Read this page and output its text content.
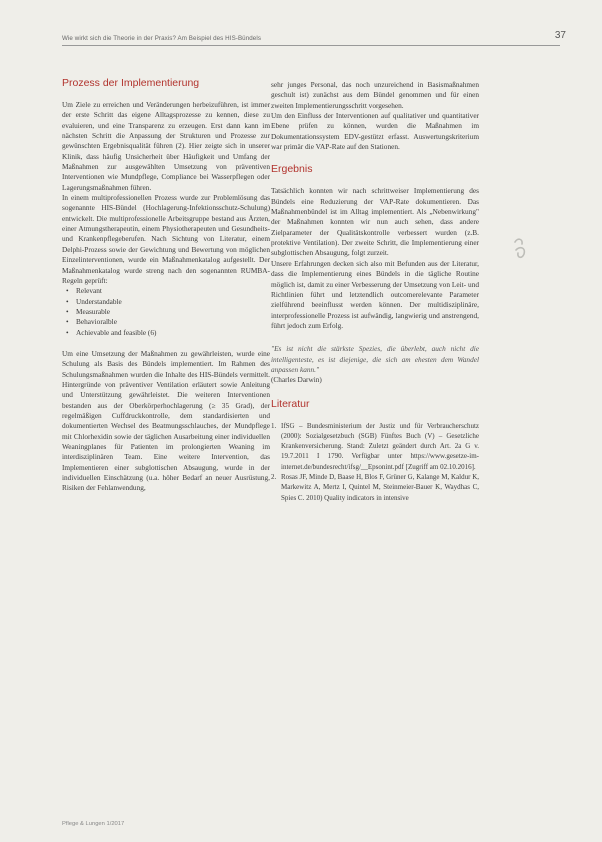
Wie wirkt sich die Theorie in der Praxis? Am Beispiel des HIS-Bündels	37
Prozess der Implementierung

Um Ziele zu erreichen und Veränderungen herbeizuführen, ist immer der erste Schritt das eigene Alltagsprozesse zu kennen, diese zu evaluieren, und eine Transparenz zu erzeugen. Erst dann kann im nächsten Schritt die Anpassung der Strukturen und Prozesse zur gewünschten Ergebnisqualität führen (2). Hier zeigte sich in unserer Klinik, dass häufig Unsicherheit über Häufigkeit und Umfang der Maßnahmen zur ausgewählten Umsetzung von präventiven Interventionen wie Mundpflege, Compliance bei Wasserpflegen oder Lagerungsmaßnahmen führen.

In einem multiprofessionellen Prozess wurde zur Problemlösung das sogenannte HIS-Bündel (Hochlagerung-Infektionsschutz-Schulung) entwickelt. Die multiprofessionelle Arbeitsgruppe bestand aus Ärzten, einer Atmungstherapeutin, einem Physiotherapeuten und Gesundheits- und Krankenpflegeberufen. Nach Sichtung von Literatur, einem Delphi-Prozess sowie der Gewichtung und Bewertung von möglichen Einzelinterventionen, wurde ein Maßnahmenkatalog aufgestellt. Der Maßnahmenkatalog wurde streng nach den sogenannten RUMBA-Regeln geprüft:

• Relevant
• Understandable
• Measurable
• Behavioralble
• Achievable and feasible (6)

Um eine Umsetzung der Maßnahmen zu gewährleisten, wurde eine Schulung als Basis des Bündels implementiert. Im Rahmen des Schulungsmaßnahmen wurden die Inhalte des HIS-Bündels vermittelt. Hintergründe von präventiver Ventilation erläutert sowie Anleitung und Unterstützung gewährleistet. Die weiteren Interventionen bestanden aus der Oberkörperhochlagerung (≥ 35 Grad), der regelmäßigen Cuffdruckkontrolle, dem standardisierten und dokumentierten Wechsel des Beatmungsschlauches, der Mundpflege mit Chlorhexidin sowie der täglichen Ausarbeitung einer individuellen Weaningplanes für Patienten im prolongierten Weaning im interdisziplinären Team. Eine weitere Intervention, das Implementieren einer subglottischen Absaugung, wurde in der individuellen Einschätzung (u.a. höher Bedarf an neuer Ausrüstung, Risiken der Fehlanwendung,

sehr junges Personal, das noch unzureichend in Basismaßnahmen geschult ist) zunächst aus dem Bündel genommen und für einen zweiten Implementierungsschritt vorgesehen.

Um den Einfluss der Interventionen auf qualitativer und quantitativer Ebene prüfen zu können, wurden die Maßnahmen im Dokumentationssystem EDV-gestützt erfasst. Auswertungskriterium war primär die VAP-Rate auf den Stationen.

Ergebnis

Tatsächlich konnten wir nach schrittweiser Implementierung des Bündels eine Reduzierung der VAP-Rate dokumentieren. Das Maßnahmenbündel ist im Alltag implementiert. Als „Nebenwirkung" der Maßnahmen konnten wir nun auch sehen, dass andere Zielparameter der Qualitätskontrolle verbessert wurden (z.B. protektive Ventilation). Der zweite Schritt, die Implementierung einer subglottischen Absaugung, folgt zurzeit.

Unsere Erfahrungen decken sich also mit Befunden aus der Literatur, dass die Implementierung eines Bündels in die tägliche Routine möglich ist, damit zu einer Verbesserung der Umsetzung von Leit- und Richtlinien führt und letztendlich outcomerelevante Parameter zielführend beeinflusst werden können. Der multidisziplinäre, interprofessionelle Prozess ist aufwändig, langwierig und anstrengend, führt jedoch zum Erfolg.

"Es ist nicht die stärkste Spezies, die überlebt, auch nicht die intelligenteste, es ist diejenige, die sich am ehesten dem Wandel anpassen kann."

(Charles Darwin)

Literatur
1. IfSG – Bundesministerium der Justiz und für Verbraucherschutz (2000): Sozialgesetzbuch (SGB) Fünftes Buch (V) – Gesetzliche Krankenversicherung. Stand: Zuletzt geändert durch Art. 2a G v. 19.7.2011 I 1790. Verfügbar unter https://www.gesetze-im-internet.de/bundesrecht/ifsg/__Epsonint.pdf [Zugriff am 02.10.2016].
2. Rosas JF, Minde D, Baase H, Blos F, Grüner G, Kalange M, Kaldur K, Markewitz A, Mertz I, Quintel M, Steinmeier-Bauer K, Waydhas C, Spies C. 2010) Quality indicators in intensive
Pflege & Lungen 1/2017
